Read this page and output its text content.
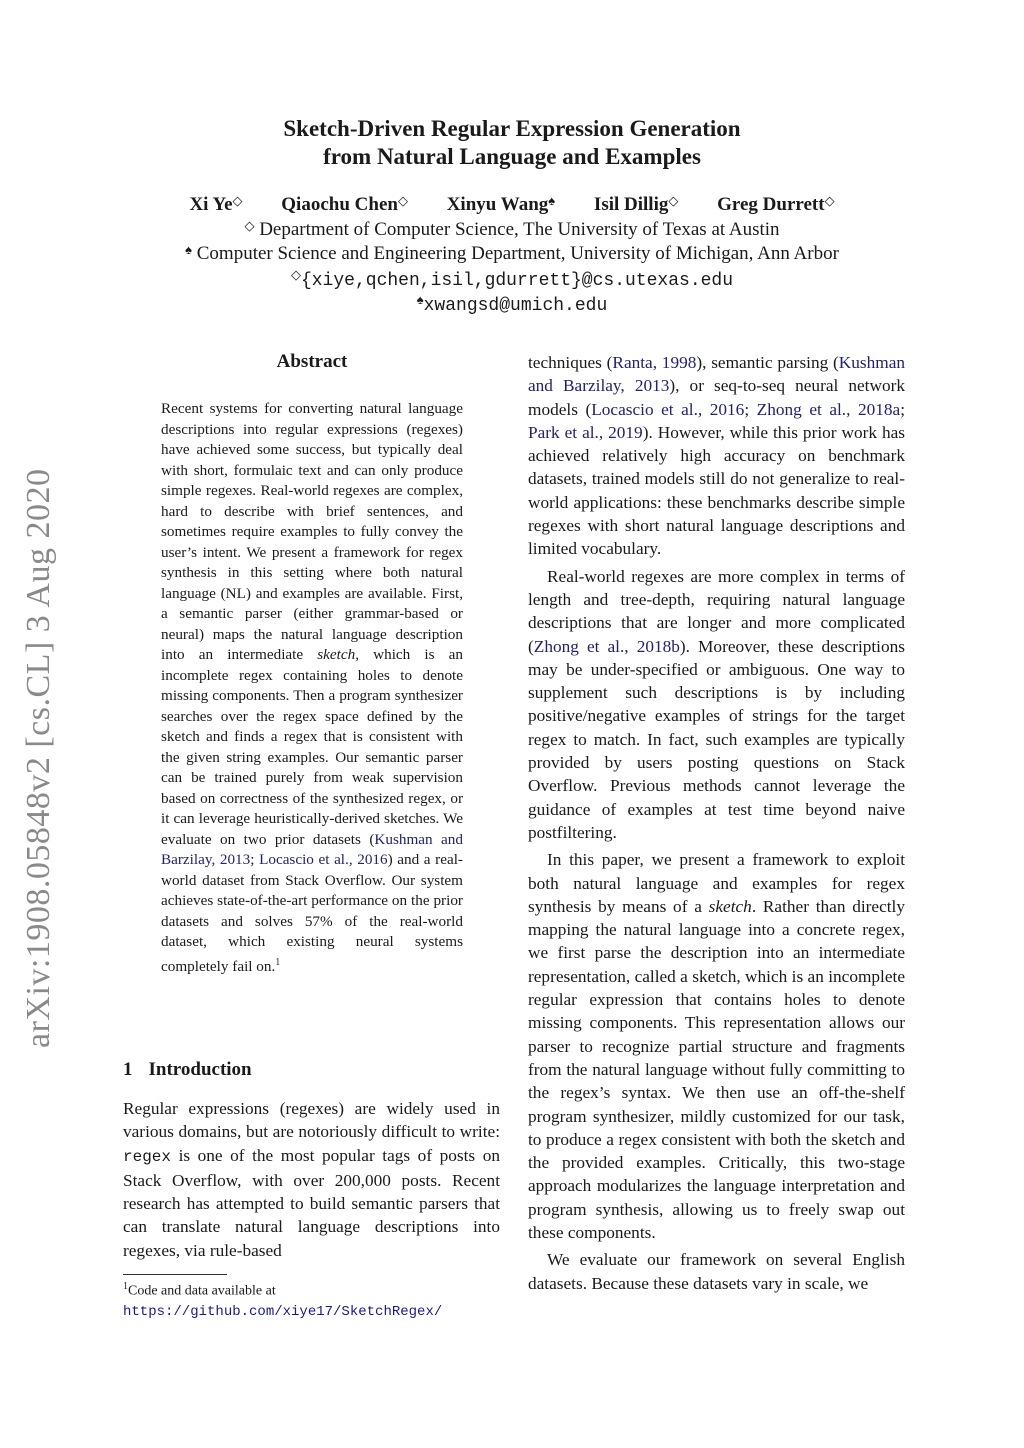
Sketch-Driven Regular Expression Generation
from Natural Language and Examples
Xi Ye◇ Qiaochu Chen◇ Xinyu Wang♠ Isil Dillig◇ Greg Durrett◇
◇ Department of Computer Science, The University of Texas at Austin
♠ Computer Science and Engineering Department, University of Michigan, Ann Arbor
◇{xiye,qchen,isil,gdurrett}@cs.utexas.edu
♠xwangsd@umich.edu
arXiv:1908.05848v2 [cs.CL] 3 Aug 2020
Abstract
Recent systems for converting natural language descriptions into regular expressions (regexes) have achieved some success, but typically deal with short, formulaic text and can only produce simple regexes. Real-world regexes are complex, hard to describe with brief sentences, and sometimes require examples to fully convey the user’s intent. We present a framework for regex synthesis in this setting where both natural language (NL) and examples are available. First, a semantic parser (either grammar-based or neural) maps the natural language description into an intermediate sketch, which is an incomplete regex containing holes to denote missing components. Then a program synthesizer searches over the regex space defined by the sketch and finds a regex that is consistent with the given string examples. Our semantic parser can be trained purely from weak supervision based on correctness of the synthesized regex, or it can leverage heuristically-derived sketches. We evaluate on two prior datasets (Kushman and Barzilay, 2013; Locascio et al., 2016) and a real-world dataset from Stack Overflow. Our system achieves state-of-the-art performance on the prior datasets and solves 57% of the real-world dataset, which existing neural systems completely fail on.$^1$
1 Introduction
Regular expressions (regexes) are widely used in various domains, but are notoriously difficult to write: regex is one of the most popular tags of posts on Stack Overflow, with over 200,000 posts. Recent research has attempted to build semantic parsers that can translate natural language descriptions into regexes, via rule-based
$^1$Code and data available at https://github.com/xiye17/SketchRegex/

techniques (Ranta, 1998), semantic parsing (Kushman and Barzilay, 2013), or seq-to-seq neural network models (Locascio et al., 2016; Zhong et al., 2018a; Park et al., 2019). However, while this prior work has achieved relatively high accuracy on benchmark datasets, trained models still do not generalize to real-world applications: these benchmarks describe simple regexes with short natural language descriptions and limited vocabulary.

Real-world regexes are more complex in terms of length and tree-depth, requiring natural language descriptions that are longer and more complicated (Zhong et al., 2018b). Moreover, these descriptions may be under-specified or ambiguous. One way to supplement such descriptions is by including positive/negative examples of strings for the target regex to match. In fact, such examples are typically provided by users posting questions on Stack Overflow. Previous methods cannot leverage the guidance of examples at test time beyond naive postfiltering.

In this paper, we present a framework to exploit both natural language and examples for regex synthesis by means of a sketch. Rather than directly mapping the natural language into a concrete regex, we first parse the description into an intermediate representation, called a sketch, which is an incomplete regular expression that contains holes to denote missing components. This representation allows our parser to recognize partial structure and fragments from the natural language without fully committing to the regex’s syntax. We then use an off-the-shelf program synthesizer, mildly customized for our task, to produce a regex consistent with both the sketch and the provided examples. Critically, this two-stage approach modularizes the language interpretation and program synthesis, allowing us to freely swap out these components.

We evaluate our framework on several English datasets. Because these datasets vary in scale, we
